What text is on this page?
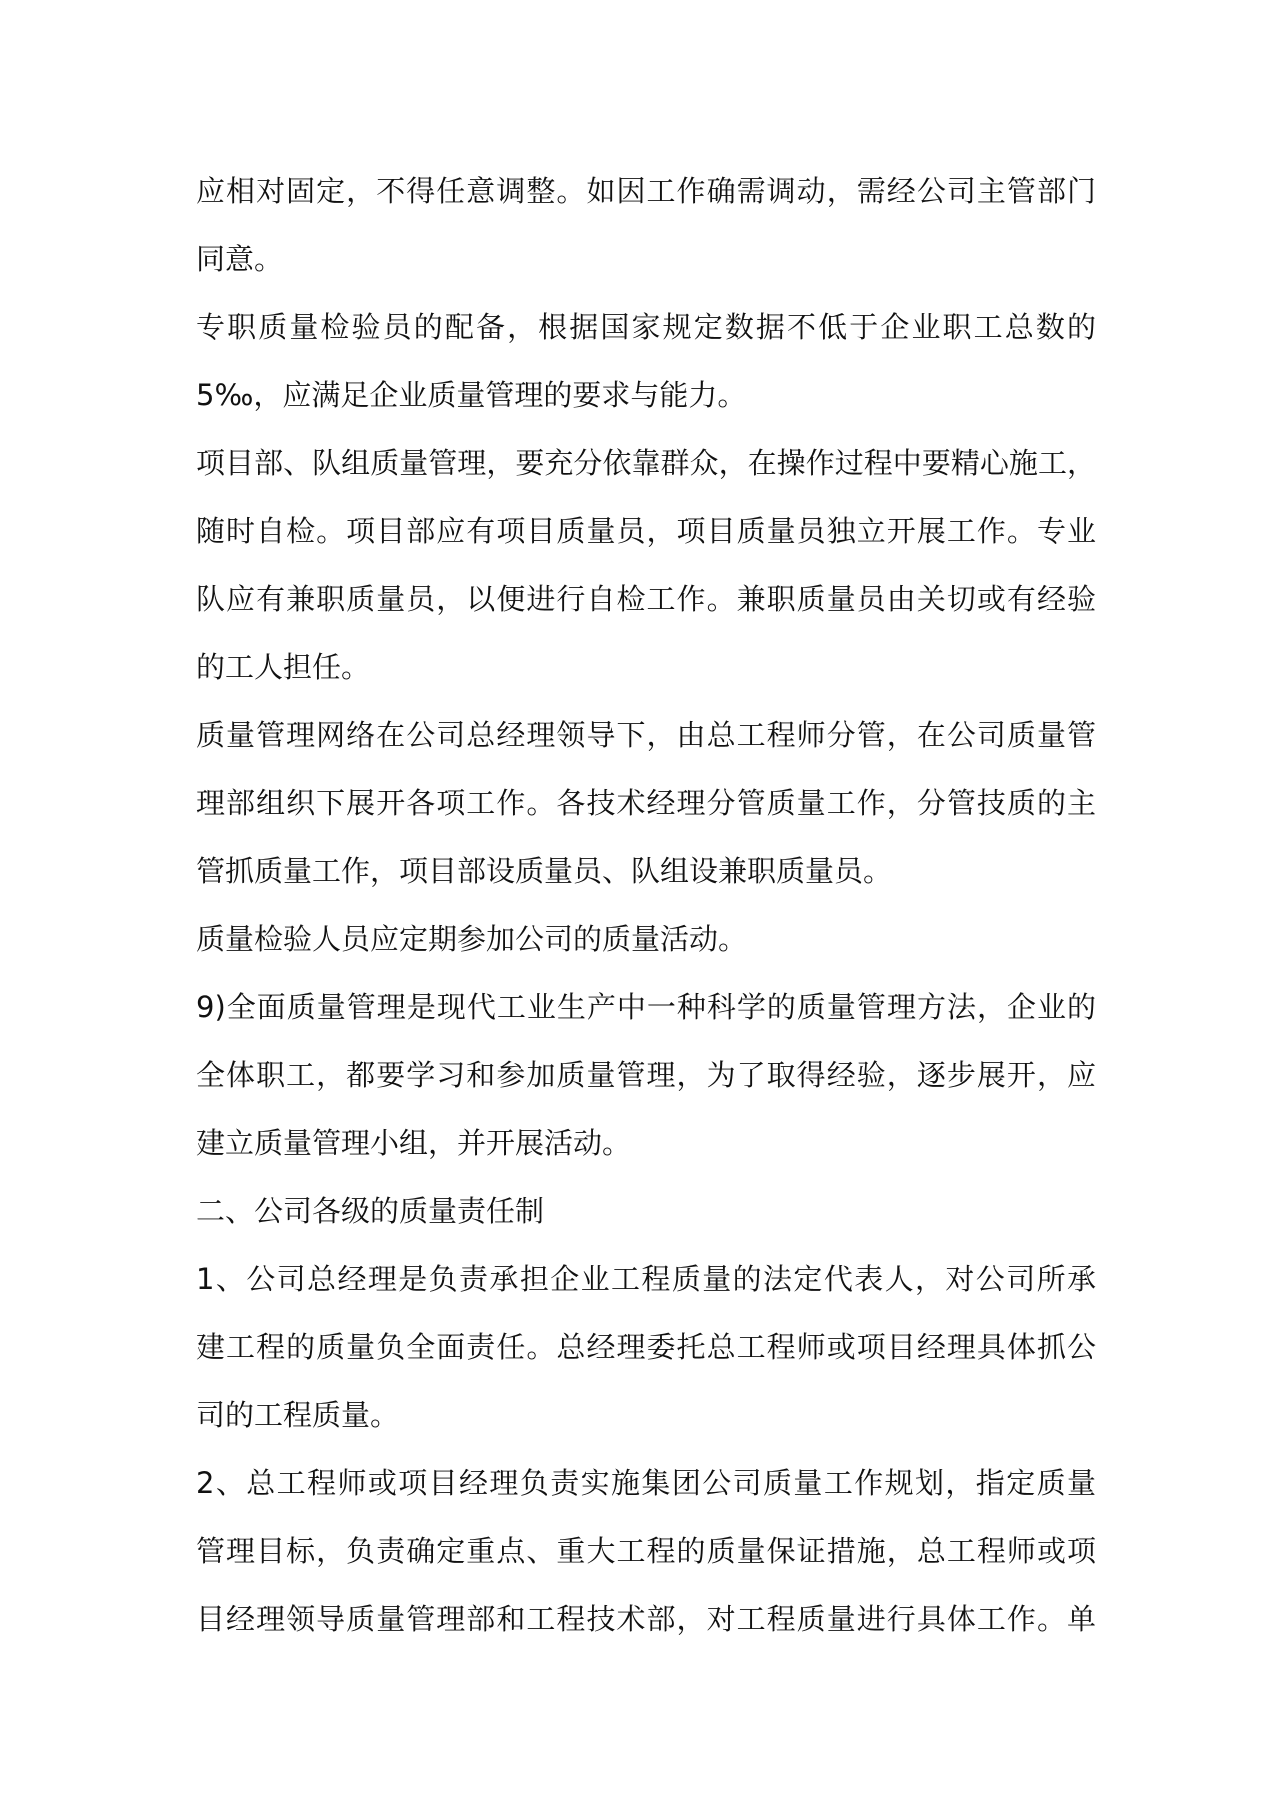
应相对固定，不得任意调整。如因工作确需调动，需经公司主管部门
同意。
专职质量检验员的配备，根据国家规定数据不低于企业职工总数的
5‰，应满足企业质量管理的要求与能力。
项目部、队组质量管理，要充分依靠群众，在操作过程中要精心施工，
随时自检。项目部应有项目质量员，项目质量员独立开展工作。专业
队应有兼职质量员，以便进行自检工作。兼职质量员由关切或有经验
的工人担任。
质量管理网络在公司总经理领导下，由总工程师分管，在公司质量管
理部组织下展开各项工作。各技术经理分管质量工作，分管技质的主
管抓质量工作，项目部设质量员、队组设兼职质量员。
质量检验人员应定期参加公司的质量活动。
9)全面质量管理是现代工业生产中一种科学的质量管理方法，企业的
全体职工，都要学习和参加质量管理，为了取得经验，逐步展开，应
建立质量管理小组，并开展活动。
二、公司各级的质量责任制
1、公司总经理是负责承担企业工程质量的法定代表人，对公司所承
建工程的质量负全面责任。总经理委托总工程师或项目经理具体抓公
司的工程质量。
2、总工程师或项目经理负责实施集团公司质量工作规划，指定质量
管理目标，负责确定重点、重大工程的质量保证措施，总工程师或项
目经理领导质量管理部和工程技术部，对工程质量进行具体工作。单
